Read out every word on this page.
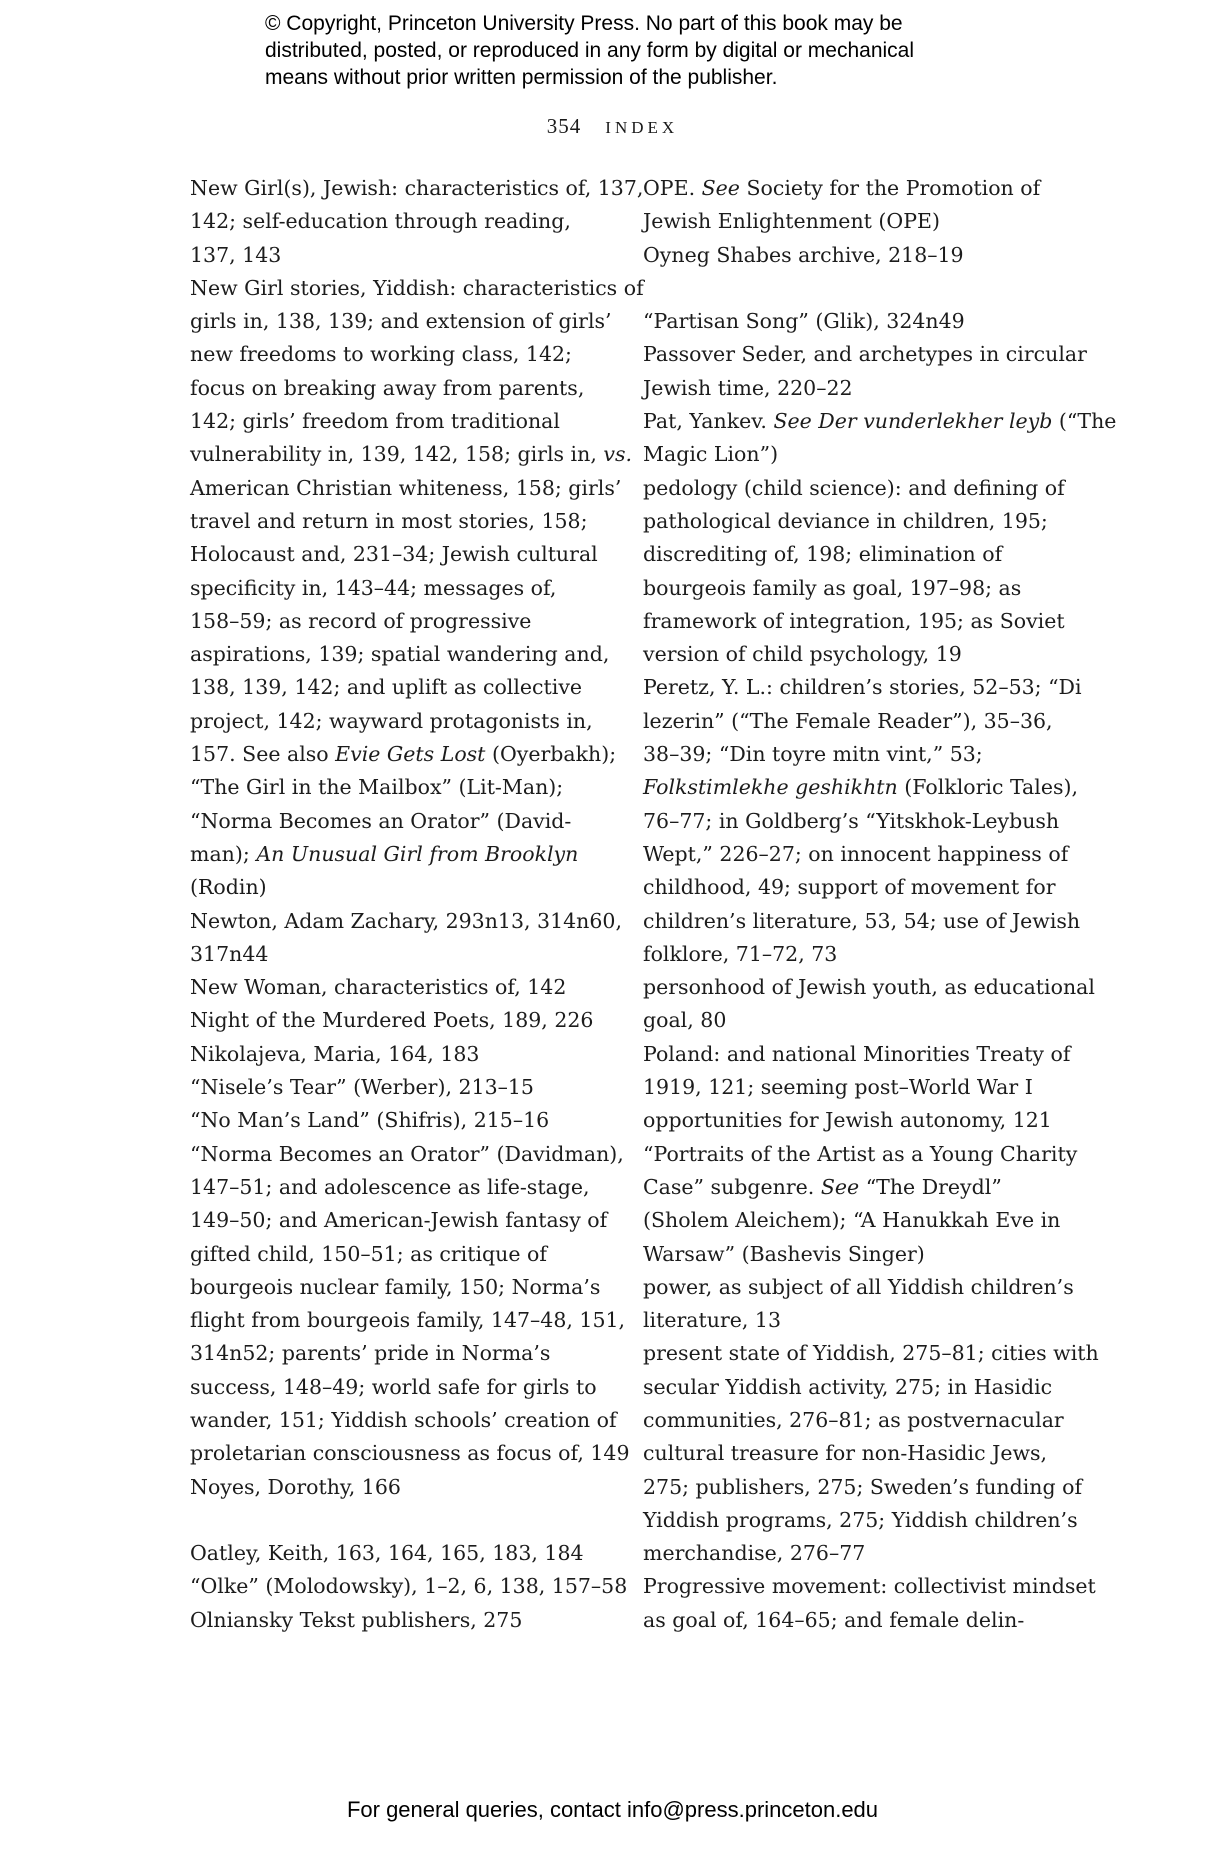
© Copyright, Princeton University Press. No part of this book may be
distributed, posted, or reproduced in any form by digital or mechanical
means without prior written permission of the publisher.
354 INDEX
New Girl(s), Jewish: characteristics of, 137,
142; self-education through reading,
137, 143
New Girl stories, Yiddish: characteristics of
girls in, 138, 139; and extension of girls’
new freedoms to working class, 142;
focus on breaking away from parents,
142; girls’ freedom from traditional
vulnerability in, 139, 142, 158; girls in, vs.
American Christian whiteness, 158; girls’
travel and return in most stories, 158;
Holocaust and, 231–34; Jewish cultural
specificity in, 143–44; messages of,
158–59; as record of progressive
aspirations, 139; spatial wandering and,
138, 139, 142; and uplift as collective
project, 142; wayward protagonists in,
157. See also Evie Gets Lost (Oyerbakh);
“The Girl in the Mailbox” (Lit-Man);
“Norma Becomes an Orator” (David-
man); An Unusual Girl from Brooklyn
(Rodin)
Newton, Adam Zachary, 293n13, 314n60,
317n44
New Woman, characteristics of, 142
Night of the Murdered Poets, 189, 226
Nikolajeva, Maria, 164, 183
“Nisele’s Tear” (Werber), 213–15
“No Man’s Land” (Shifris), 215–16
“Norma Becomes an Orator” (Davidman),
147–51; and adolescence as life-stage,
149–50; and American-Jewish fantasy of
gifted child, 150–51; as critique of
bourgeois nuclear family, 150; Norma’s
flight from bourgeois family, 147–48, 151,
314n52; parents’ pride in Norma’s
success, 148–49; world safe for girls to
wander, 151; Yiddish schools’ creation of
proletarian consciousness as focus of, 149
Noyes, Dorothy, 166
Oatley, Keith, 163, 164, 165, 183, 184
“Olke” (Molodowsky), 1–2, 6, 138, 157–58
Olniansky Tekst publishers, 275
OPE. See Society for the Promotion of
Jewish Enlightenment (OPE)
Oyneg Shabes archive, 218–19
“Partisan Song” (Glik), 324n49
Passover Seder, and archetypes in circular
Jewish time, 220–22
Pat, Yankev. See Der vunderlekher leyb (“The
Magic Lion”)
pedology (child science): and defining of
pathological deviance in children, 195;
discrediting of, 198; elimination of
bourgeois family as goal, 197–98; as
framework of integration, 195; as Soviet
version of child psychology, 19
Peretz, Y. L.: children’s stories, 52–53; “Di
lezerin” (“The Female Reader”), 35–36,
38–39; “Din toyre mitn vint,” 53;
Folkstimlekhe geshikhtn (Folkloric Tales),
76–77; in Goldberg’s “Yitskhok-Leybush
Wept,” 226–27; on innocent happiness of
childhood, 49; support of movement for
children’s literature, 53, 54; use of Jewish
folklore, 71–72, 73
personhood of Jewish youth, as educational
goal, 80
Poland: and national Minorities Treaty of
1919, 121; seeming post–World War I
opportunities for Jewish autonomy, 121
“Portraits of the Artist as a Young Charity
Case” subgenre. See “The Dreydl”
(Sholem Aleichem); “A Hanukkah Eve in
Warsaw” (Bashevis Singer)
power, as subject of all Yiddish children’s
literature, 13
present state of Yiddish, 275–81; cities with
secular Yiddish activity, 275; in Hasidic
communities, 276–81; as postvernacular
cultural treasure for non-Hasidic Jews,
275; publishers, 275; Sweden’s funding of
Yiddish programs, 275; Yiddish children’s
merchandise, 276–77
Progressive movement: collectivist mindset
as goal of, 164–65; and female delin-
For general queries, contact info@press.princeton.edu
